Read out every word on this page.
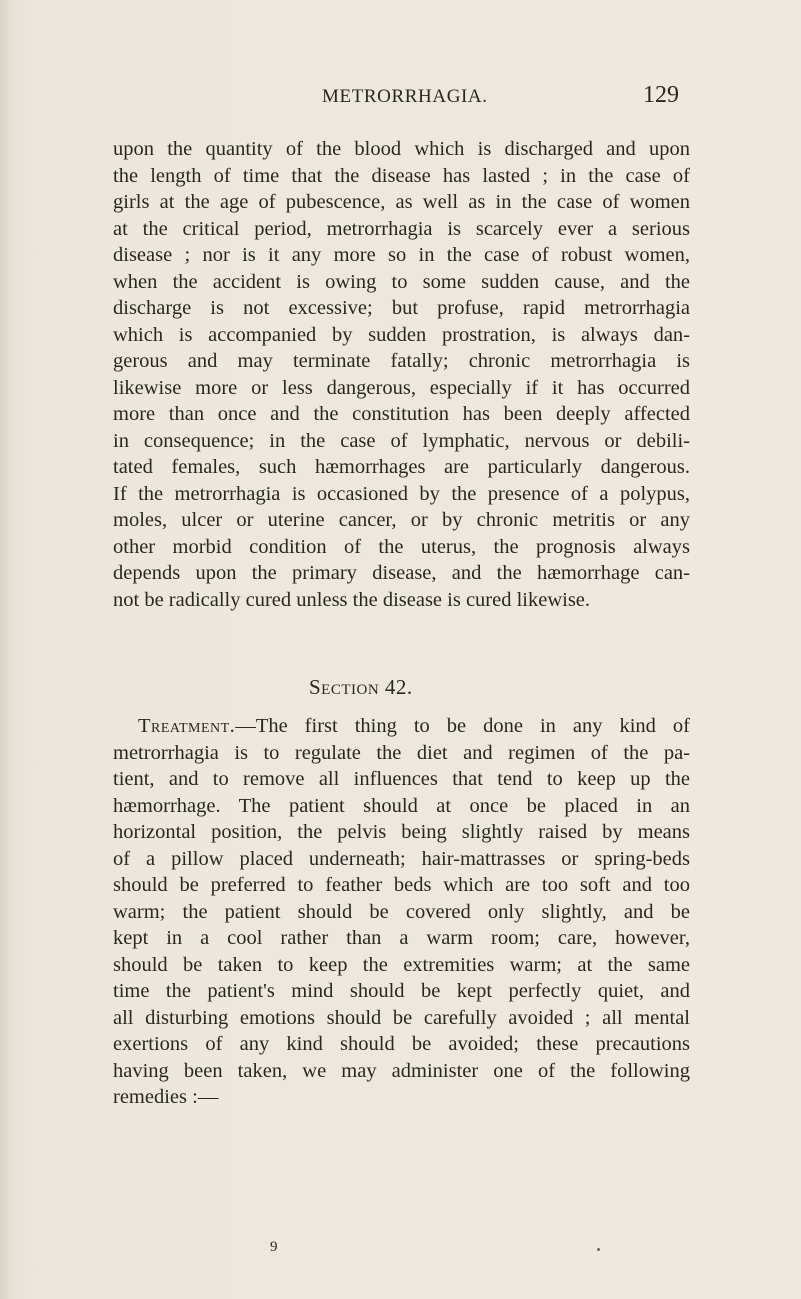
METRORRHAGIA.	129
upon the quantity of the blood which is discharged and upon
the length of time that the disease has lasted ; in the case of
girls at the age of pubescence, as well as in the case of women
at the critical period, metrorrhagia is scarcely ever a serious
disease ; nor is it any more so in the case of robust women,
when the accident is owing to some sudden cause, and the
discharge is not excessive; but profuse, rapid metrorrhagia
which is accompanied by sudden prostration, is always dan-
gerous and may terminate fatally; chronic metrorrhagia is
likewise more or less dangerous, especially if it has occurred
more than once and the constitution has been deeply affected
in consequence; in the case of lymphatic, nervous or debili-
tated females, such hæmorrhages are particularly dangerous.
If the metrorrhagia is occasioned by the presence of a polypus,
moles, ulcer or uterine cancer, or by chronic metritis or any
other morbid condition of the uterus, the prognosis always
depends upon the primary disease, and the hæmorrhage can-
not be radically cured unless the disease is cured likewise.
Section 42.
Treatment.—The first thing to be done in any kind of
metrorrhagia is to regulate the diet and regimen of the pa-
tient, and to remove all influences that tend to keep up the
hæmorrhage. The patient should at once be placed in an
horizontal position, the pelvis being slightly raised by means
of a pillow placed underneath; hair-mattrasses or spring-beds
should be preferred to feather beds which are too soft and too
warm; the patient should be covered only slightly, and be
kept in a cool rather than a warm room; care, however,
should be taken to keep the extremities warm; at the same
time the patient's mind should be kept perfectly quiet, and
all disturbing emotions should be carefully avoided ; all mental
exertions of any kind should be avoided; these precautions
having been taken, we may administer one of the following
remedies :—
9
